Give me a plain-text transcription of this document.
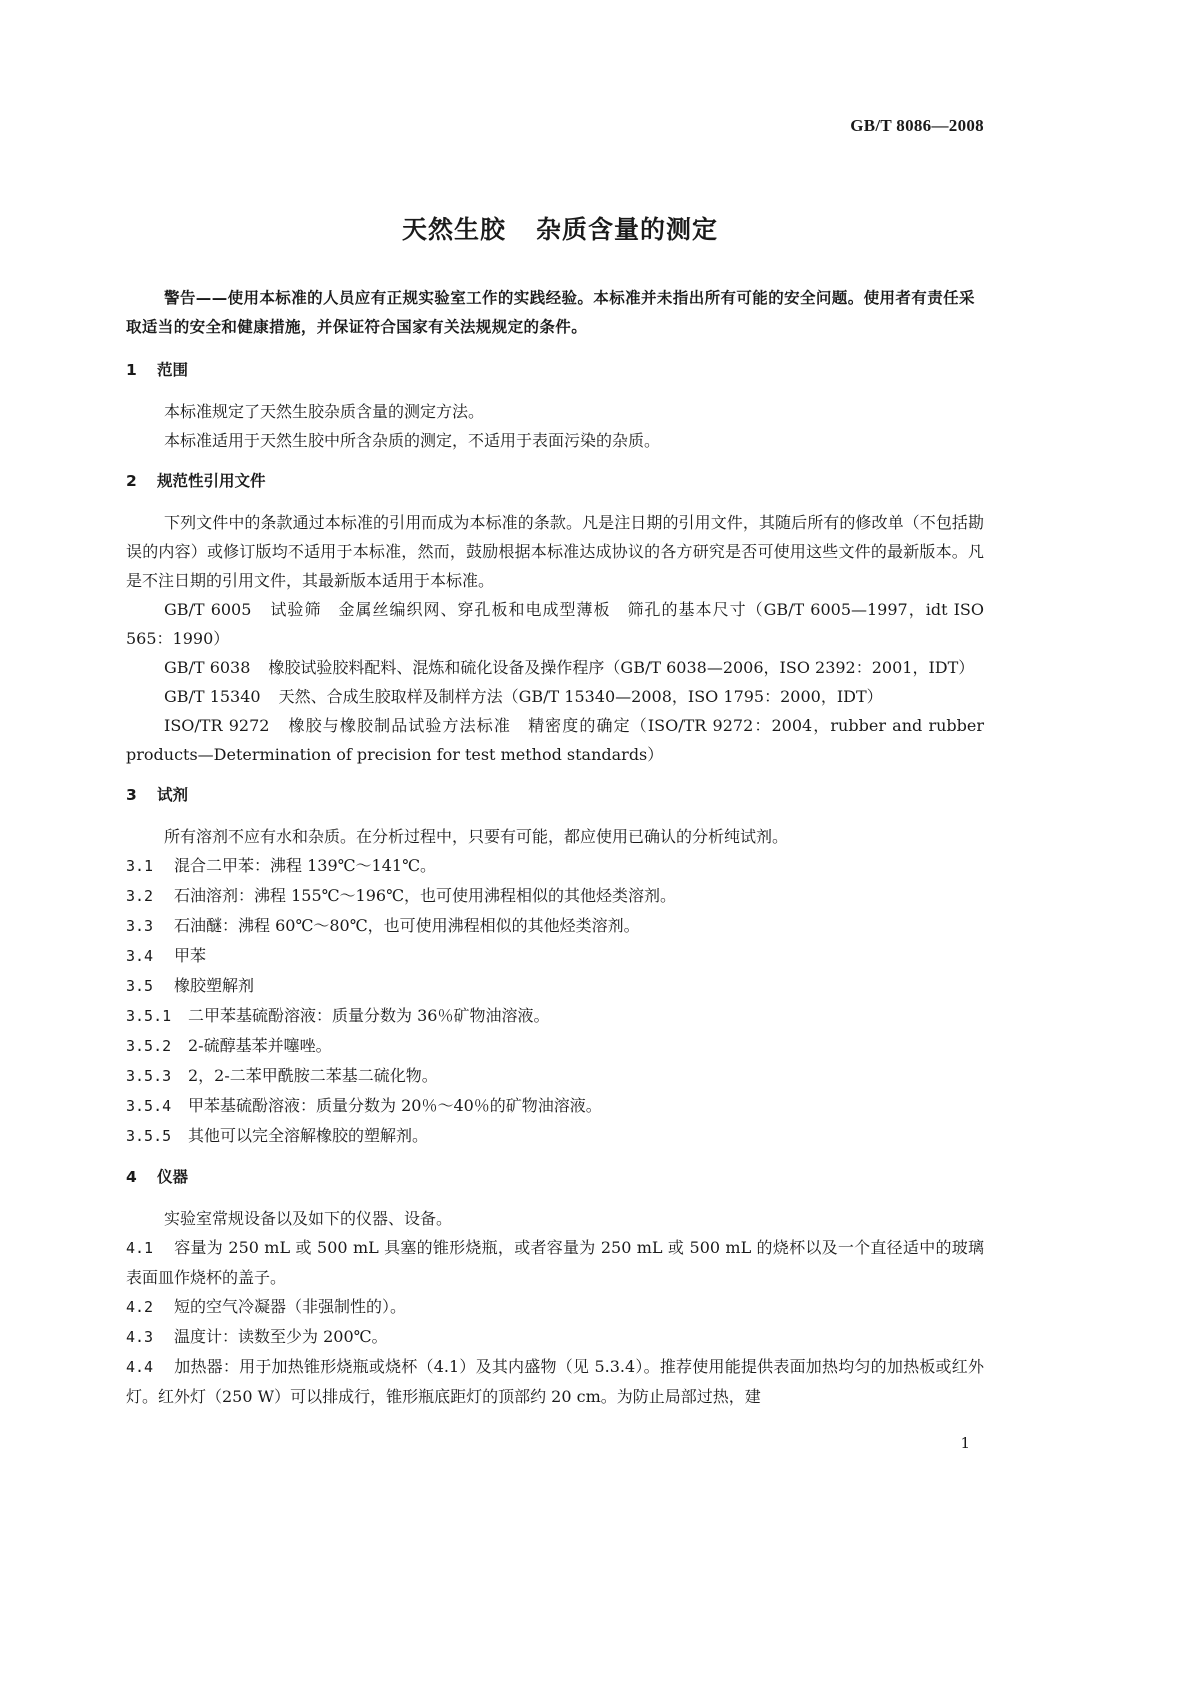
GB/T 8086—2008
天然生胶 杂质含量的测定

警告——使用本标准的人员应有正规实验室工作的实践经验。本标准并未指出所有可能的安全问题。使用者有责任采取适当的安全和健康措施，并保证符合国家有关法规规定的条件。

1 范围

本标准规定了天然生胶杂质含量的测定方法。

本标准适用于天然生胶中所含杂质的测定，不适用于表面污染的杂质。

2 规范性引用文件

下列文件中的条款通过本标准的引用而成为本标准的条款。凡是注日期的引用文件，其随后所有的修改单（不包括勘误的内容）或修订版均不适用于本标准，然而，鼓励根据本标准达成协议的各方研究是否可使用这些文件的最新版本。凡是不注日期的引用文件，其最新版本适用于本标准。

GB/T 6005 试验筛　金属丝编织网、穿孔板和电成型薄板　筛孔的基本尺寸（GB/T 6005—1997，idt ISO 565：1990）

GB/T 6038 橡胶试验胶料配料、混炼和硫化设备及操作程序（GB/T 6038—2006，ISO 2392：2001，IDT）

GB/T 15340 天然、合成生胶取样及制样方法（GB/T 15340—2008，ISO 1795：2000，IDT）

ISO/TR 9272 橡胶与橡胶制品试验方法标准　精密度的确定（ISO/TR 9272：2004，rubber and rubber products—Determination of precision for test method standards）

3 试剂

所有溶剂不应有水和杂质。在分析过程中，只要有可能，都应使用已确认的分析纯试剂。

3.1 混合二甲苯：沸程 139℃～141℃。

3.2 石油溶剂：沸程 155℃～196℃，也可使用沸程相似的其他烃类溶剂。

3.3 石油醚：沸程 60℃～80℃，也可使用沸程相似的其他烃类溶剂。

3.4 甲苯

3.5 橡胶塑解剂

3.5.1 二甲苯基硫酚溶液：质量分数为 36％矿物油溶液。

3.5.2 2-硫醇基苯并噻唑。

3.5.3 2，2-二苯甲酰胺二苯基二硫化物。

3.5.4 甲苯基硫酚溶液：质量分数为 20％～40％的矿物油溶液。

3.5.5 其他可以完全溶解橡胶的塑解剂。

4 仪器

实验室常规设备以及如下的仪器、设备。

4.1 容量为 250 mL 或 500 mL 具塞的锥形烧瓶，或者容量为 250 mL 或 500 mL 的烧杯以及一个直径适中的玻璃表面皿作烧杯的盖子。

4.2 短的空气冷凝器（非强制性的）。

4.3 温度计：读数至少为 200℃。

4.4 加热器：用于加热锥形烧瓶或烧杯（4.1）及其内盛物（见 5.3.4）。推荐使用能提供表面加热均匀的加热板或红外灯。红外灯（250 W）可以排成行，锥形瓶底距灯的顶部约 20 cm。为防止局部过热，建

1
